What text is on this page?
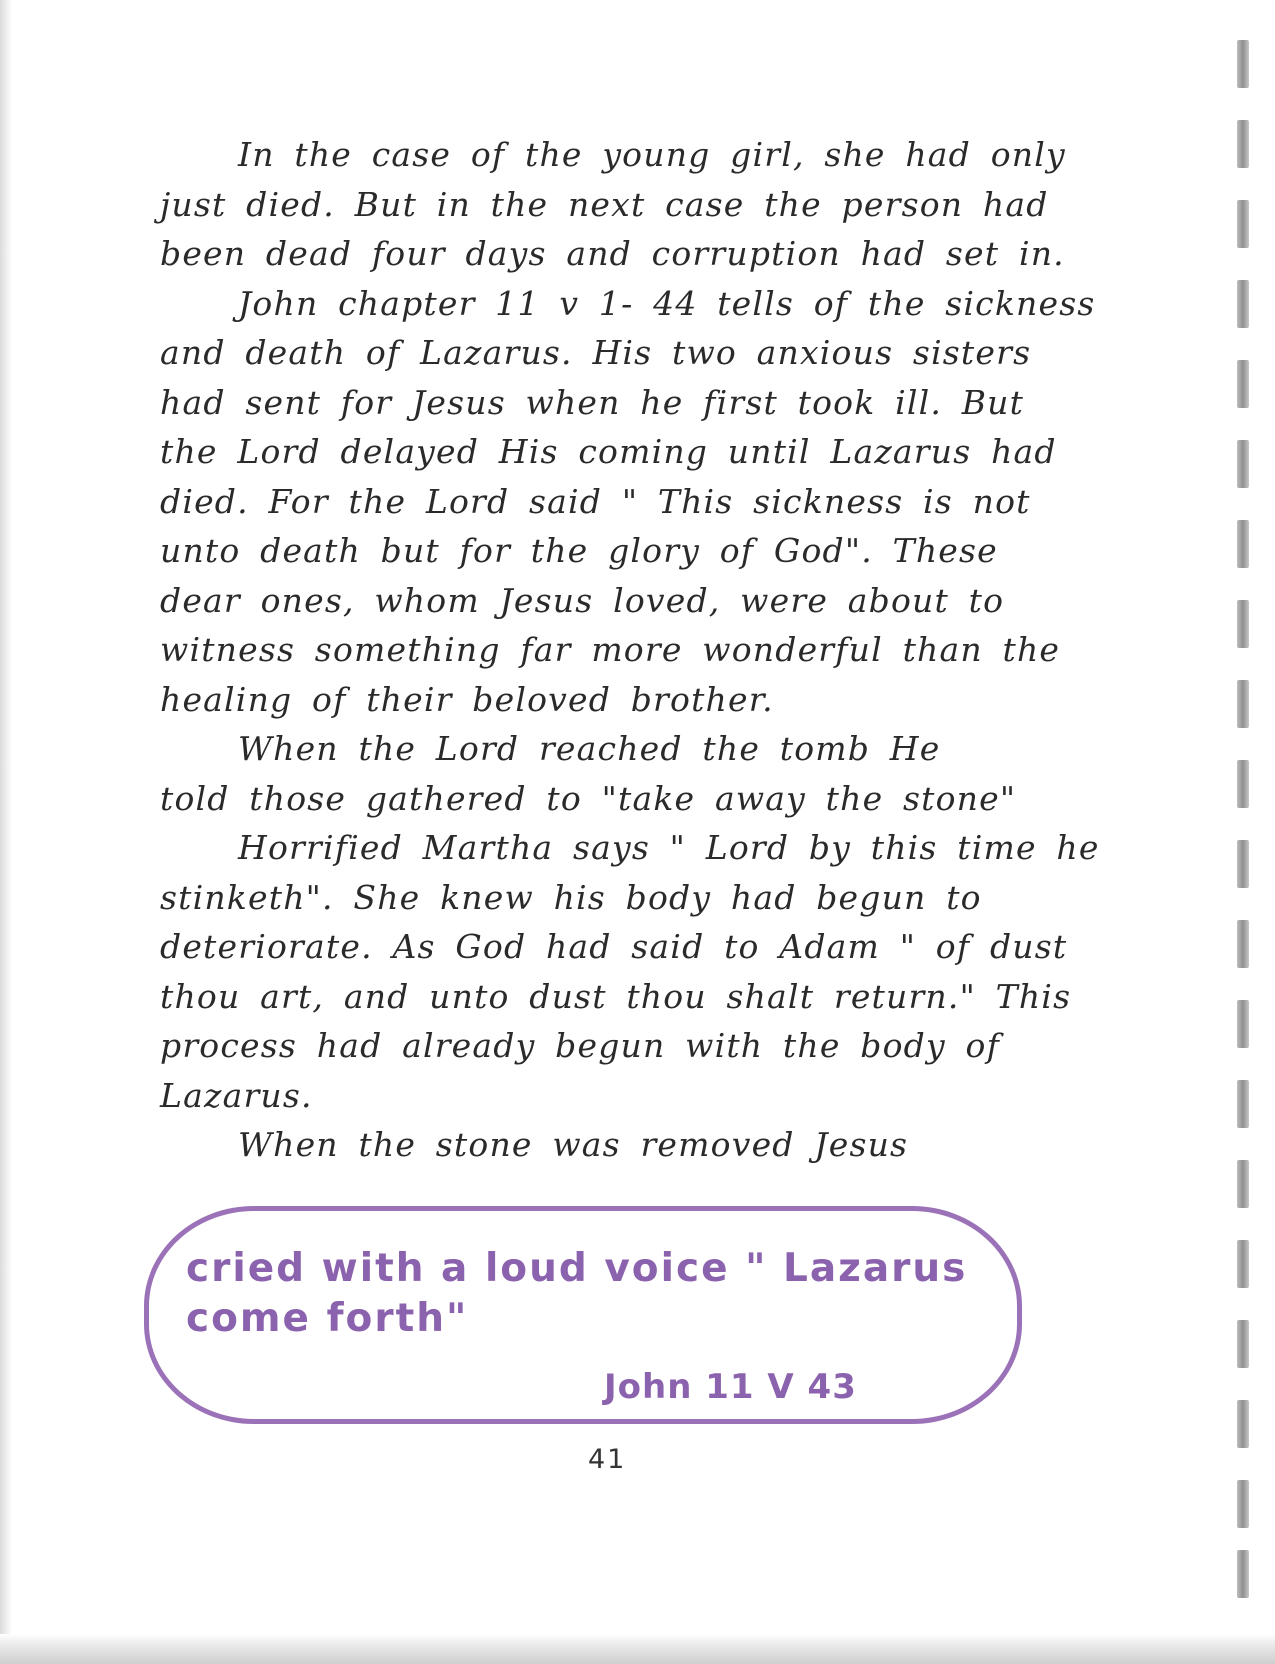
In the case of the young girl, she had only
just died. But in the next case the person had
been dead four days and corruption had set in.
John chapter 11 v 1- 44 tells of the sickness
and death of Lazarus. His two anxious sisters
had sent for Jesus when he first took ill. But
the Lord delayed His coming until Lazarus had
died. For the Lord said " This sickness is not
unto death but for the glory of God". These
dear ones, whom Jesus loved, were about to
witness something far more wonderful than the
healing of their beloved brother.
When the Lord reached the tomb He
told those gathered to "take away the stone"
Horrified Martha says " Lord by this time he
stinketh". She knew his body had begun to
deteriorate. As God had said to Adam " of dust
thou art, and unto dust thou shalt return." This
process had already begun with the body of
Lazarus.
When the stone was removed Jesus
cried with a loud voice " Lazarus
come forth"
John 11 V 43
41
